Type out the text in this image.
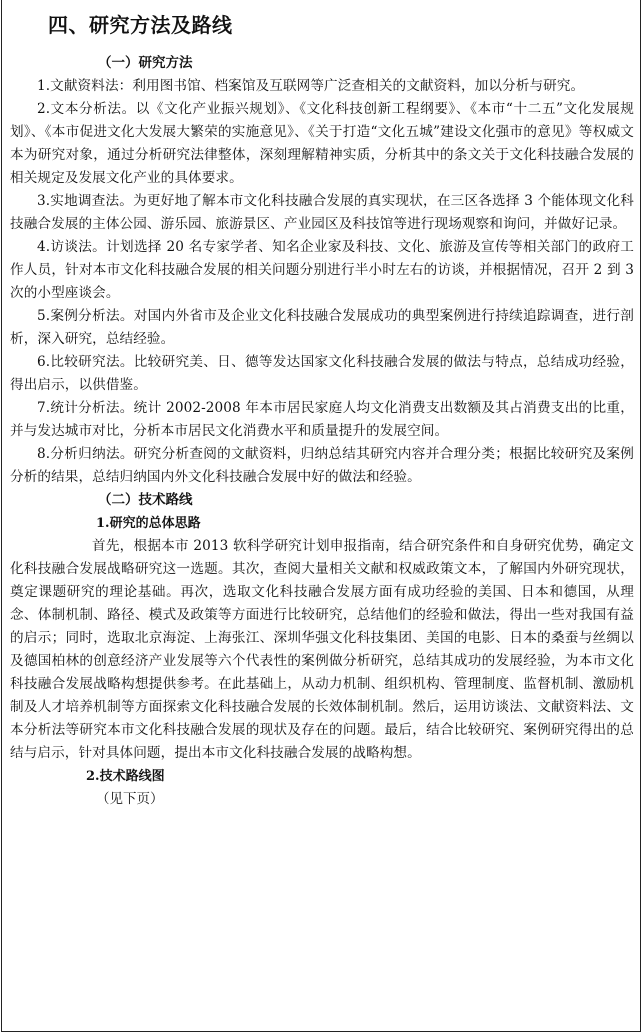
四、研究方法及路线

（一）研究方法

1.文献资料法：利用图书馆、档案馆及互联网等广泛查相关的文献资料，加以分析与研究。

2.文本分析法。以《文化产业振兴规划》、《文化科技创新工程纲要》、《本市“十二五”文化发展规划》、《本市促进文化大发展大繁荣的实施意见》、《关于打造“文化五城”建设文化强市的意见》等权威文本为研究对象，通过分析研究法律整体，深刻理解精神实质，分析其中的条文关于文化科技融合发展的相关规定及发展文化产业的具体要求。

3.实地调查法。为更好地了解本市文化科技融合发展的真实现状，在三区各选择 3 个能体现文化科技融合发展的主体公园、游乐园、旅游景区、产业园区及科技馆等进行现场观察和询问，并做好记录。

4.访谈法。计划选择 20 名专家学者、知名企业家及科技、文化、旅游及宣传等相关部门的政府工作人员，针对本市文化科技融合发展的相关问题分别进行半小时左右的访谈，并根据情况，召开 2 到 3 次的小型座谈会。

5.案例分析法。对国内外省市及企业文化科技融合发展成功的典型案例进行持续追踪调查，进行剖析，深入研究，总结经验。

6.比较研究法。比较研究美、日、德等发达国家文化科技融合发展的做法与特点，总结成功经验，得出启示，以供借鉴。

7.统计分析法。统计 2002-2008 年本市居民家庭人均文化消费支出数额及其占消费支出的比重，并与发达城市对比，分析本市居民文化消费水平和质量提升的发展空间。

8.分析归纳法。研究分析查阅的文献资料，归纳总结其研究内容并合理分类；根据比较研究及案例分析的结果，总结归纳国内外文化科技融合发展中好的做法和经验。

（二）技术路线

1.研究的总体思路

首先，根据本市 2013 软科学研究计划申报指南，结合研究条件和自身研究优势，确定文化科技融合发展战略研究这一选题。其次，查阅大量相关文献和权威政策文本，了解国内外研究现状，奠定课题研究的理论基础。再次，选取文化科技融合发展方面有成功经验的美国、日本和德国，从理念、体制机制、路径、模式及政策等方面进行比较研究，总结他们的经验和做法，得出一些对我国有益的启示；同时，选取北京海淀、上海张江、深圳华强文化科技集团、美国的电影、日本的桑蚕与丝绸以及德国柏林的创意经济产业发展等六个代表性的案例做分析研究，总结其成功的发展经验，为本市文化科技融合发展战略构想提供参考。在此基础上，从动力机制、组织机构、管理制度、监督机制、激励机制及人才培养机制等方面探索文化科技融合发展的长效体制机制。然后，运用访谈法、文献资料法、文本分析法等研究本市文化科技融合发展的现状及存在的问题。最后，结合比较研究、案例研究得出的总结与启示，针对具体问题，提出本市文化科技融合发展的战略构想。

2.技术路线图

（见下页）
